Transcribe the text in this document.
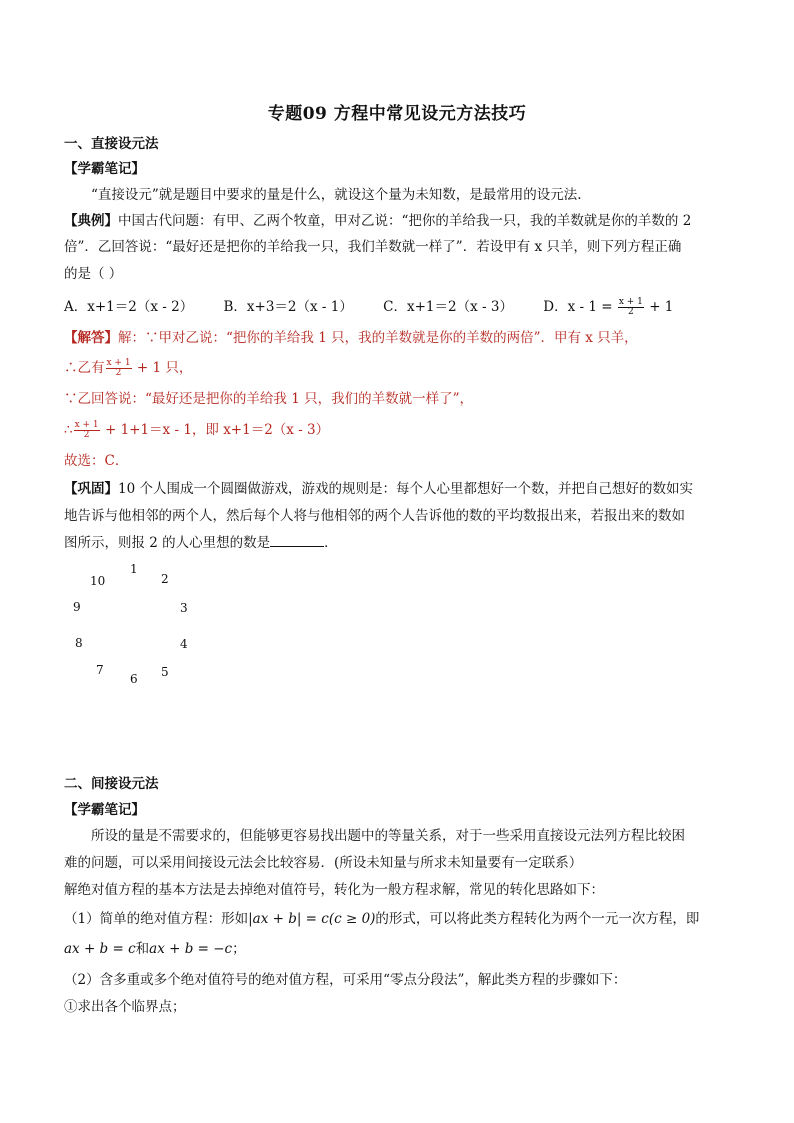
专题09 方程中常见设元方法技巧
一、直接设元法
【学霸笔记】
“直接设元”就是题目中要求的量是什么，就设这个量为未知数，是最常用的设元法.
【典例】中国古代问题：有甲、乙两个牧童，甲对乙说：“把你的羊给我一只，我的羊数就是你的羊数的 2
倍”．乙回答说：“最好还是把你的羊给我一只，我们羊数就一样了”．若设甲有 x 只羊，则下列方程正确
的是（ ）
A．x+1＝2（x - 2） B．x+3＝2（x - 1） C．x+1＝2（x - 3） D．$x - 1 = \frac{x + 1}{2} + 1$
【解答】解：∵甲对乙说：“把你的羊给我 1 只，我的羊数就是你的羊数的两倍”．甲有 x 只羊，
∴乙有 $\frac{x + 1}{2} + 1$ 只，
∵乙回答说：“最好还是把你的羊给我 1 只，我们的羊数就一样了”，
∴ $\frac{x + 1}{2} + 1+1=x - 1$，即 x+1＝2（x - 3）
故选：C．
【巩固】10 个人围成一个圆圈做游戏，游戏的规则是：每个人心里都想好一个数，并把自己想好的数如实
地告诉与他相邻的两个人，然后每个人将与他相邻的两个人告诉他的数的平均数报出来，若报出来的数如
图所示，则报 2 的人心里想的数是	．
1
2
3
4
5
6
7
8
9
10
二、间接设元法
【学霸笔记】
所设的量是不需要求的，但能够更容易找出题中的等量关系，对于一些采用直接设元法列方程比较困
难的问题，可以采用间接设元法会比较容易．(所设未知量与所求未知量要有一定联系）
解绝对值方程的基本方法是去掉绝对值符号，转化为一般方程求解，常见的转化思路如下：
（1）简单的绝对值方程：形如|ax + b| = c(c ≥ 0)的形式，可以将此类方程转化为两个一元一次方程，即
ax + b = c和ax + b = −c；
（2）含多重或多个绝对值符号的绝对值方程，可采用“零点分段法”，解此类方程的步骤如下：
①求出各个临界点；
